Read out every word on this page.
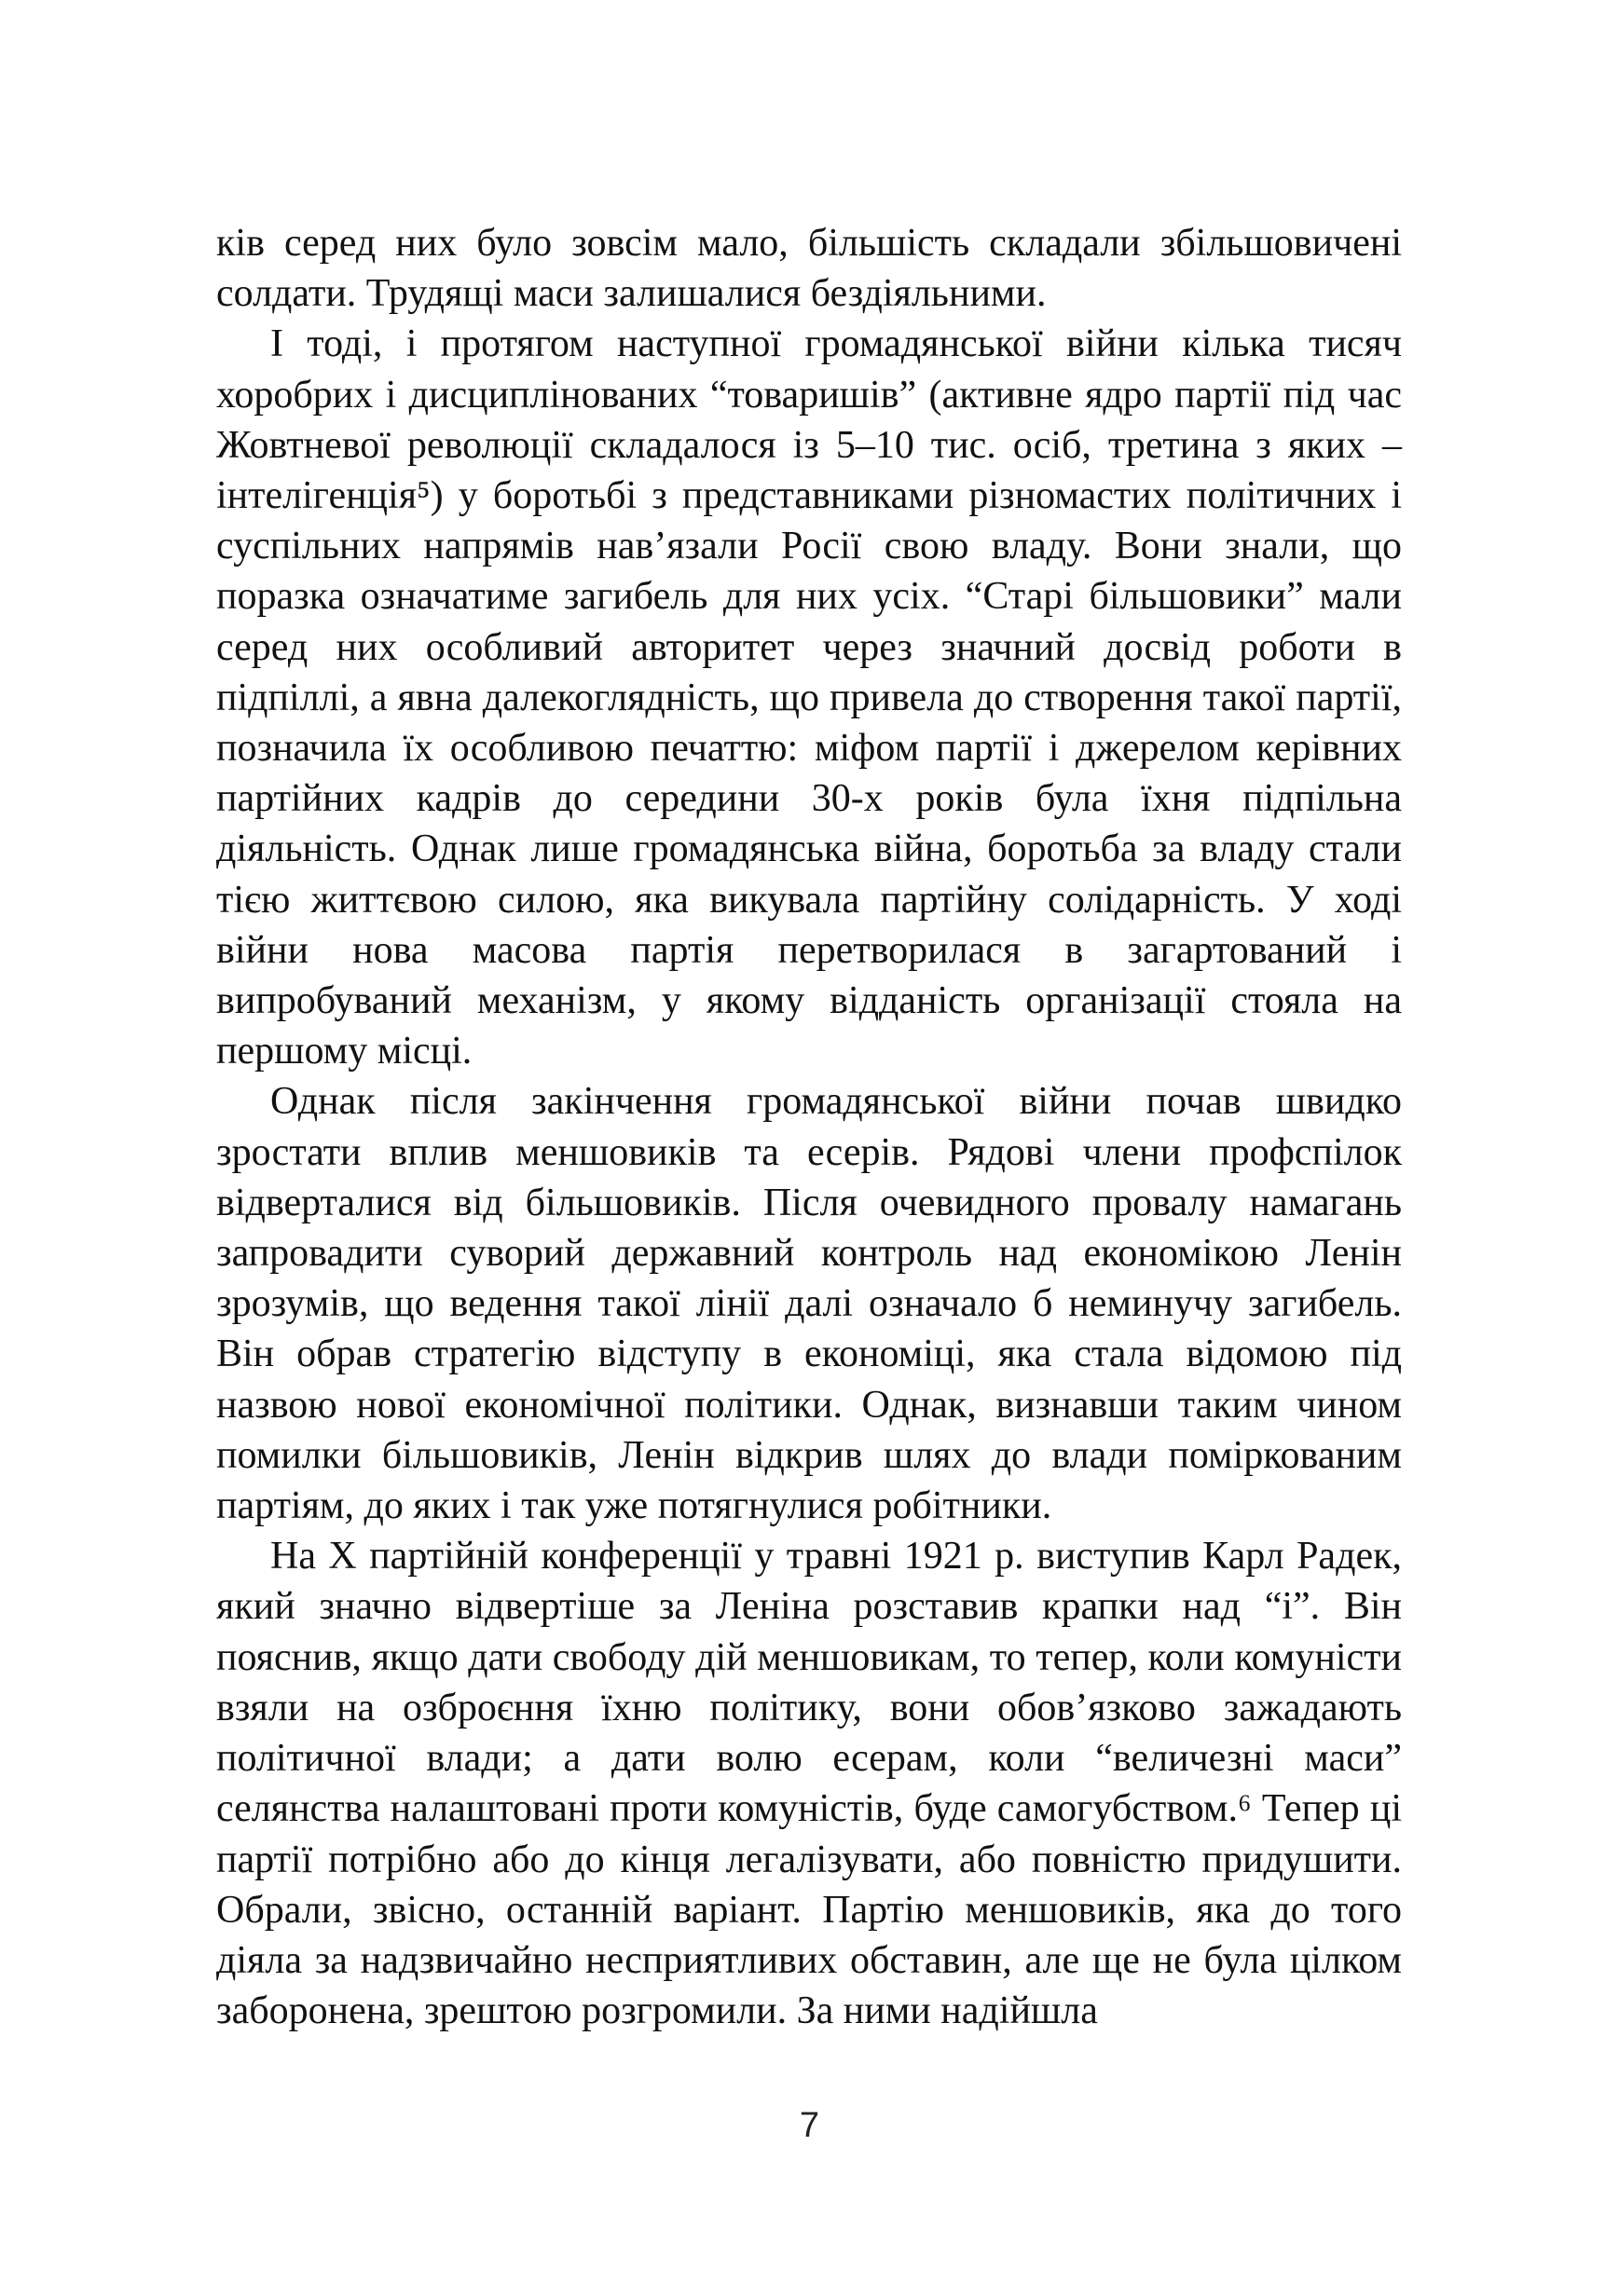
ків серед них було зовсім мало, більшість складали збільшовичені солдати. Трудящі маси залишалися бездіяльними.

І тоді, і протягом наступної громадянської війни кілька тисяч хоробрих і дисциплінованих “товаришів” (активне ядро партії під час Жовтневої революції складалося із 5–10 тис. осіб, третина з яких – інтелігенція⁵) у боротьбі з представниками різномастих політичних і суспільних напрямів нав’язали Росії свою владу. Вони знали, що поразка означатиме загибель для них усіх. “Старі більшовики” мали серед них особливий авторитет через значний досвід роботи в підпіллі, а явна далекоглядність, що привела до створення такої партії, позначила їх особливою печаттю: міфом партії і джерелом керівних партійних кадрів до середини 30-х років була їхня підпільна діяльність. Однак лише громадянська війна, боротьба за владу стали тією життєвою силою, яка викувала партійну солідарність. У ході війни нова масова партія перетворилася в загартований і випробуваний механізм, у якому відданість організації стояла на першому місці.

Однак після закінчення громадянської війни почав швидко зростати вплив меншовиків та есерів. Рядові члени профспілок відверталися від більшовиків. Після очевидного провалу намагань запровадити суворий державний контроль над економікою Ленін зрозумів, що ведення такої лінії далі означало б неминучу загибель. Він обрав стратегію відступу в економіці, яка стала відомою під назвою нової економічної політики. Однак, визнавши таким чином помилки більшовиків, Ленін відкрив шлях до влади поміркованим партіям, до яких і так уже потягнулися робітники.

На Х партійній конференції у травні 1921 р. виступив Карл Радек, який значно відвертіше за Леніна розставив крапки над “і”. Він пояснив, якщо дати свободу дій меншовикам, то тепер, коли комуністи взяли на озброєння їхню політику, вони обов’язково зажадають політичної влади; а дати волю есерам, коли “величезні маси” селянства налаштовані проти комуністів, буде самогубством.⁶ Тепер ці партії потрібно або до кінця легалізувати, або повністю придушити. Обрали, звісно, останній варіант. Партію меншовиків, яка до того діяла за надзвичайно несприятливих обставин, але ще не була цілком заборонена, зрештою розгромили. За ними надійшла

7
